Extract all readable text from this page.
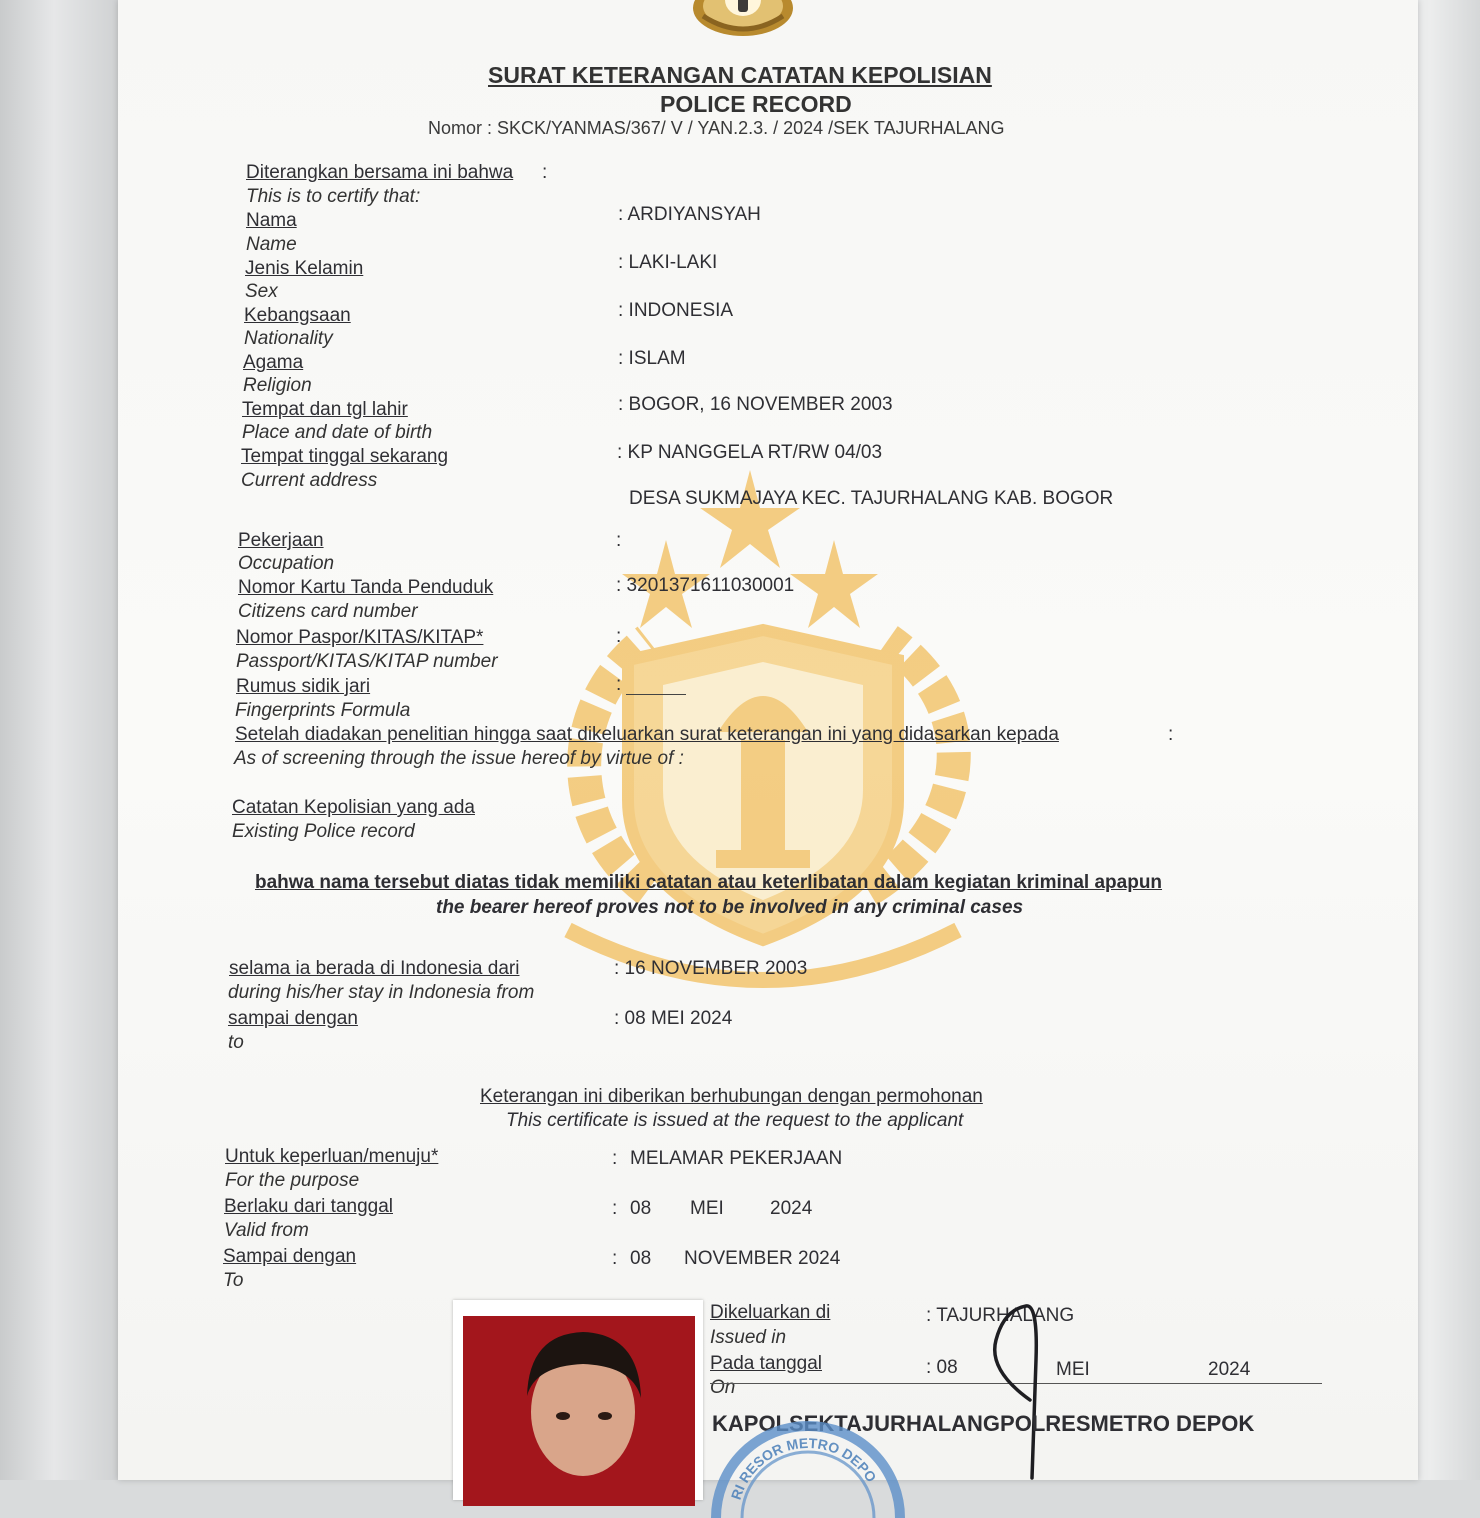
SURAT KETERANGAN CATATAN KEPOLISIAN
POLICE RECORD
Nomor : SKCK/YANMAS/367/ V / YAN.2.3. / 2024 /SEK TAJURHALANG
Diterangkan bersama ini bahwa :
This is to certify that:
Nama
Name
: ARDIYANSYAH
Jenis Kelamin
Sex
: LAKI-LAKI
Kebangsaan
Nationality
: INDONESIA
Agama
Religion
: ISLAM
Tempat dan tgl lahir
Place and date of birth
: BOGOR, 16 NOVEMBER 2003
Tempat tinggal sekarang
Current address
: KP NANGGELA RT/RW 04/03
DESA SUKMAJAYA KEC. TAJURHALANG KAB. BOGOR
Pekerjaan
Occupation
:
Nomor Kartu Tanda Penduduk
Citizens card number
: 3201371611030001
Nomor Paspor/KITAS/KITAP*
Passport/KITAS/KITAP number
:
Rumus sidik jari
Fingerprints Formula
:
Setelah diadakan penelitian hingga saat dikeluarkan surat keterangan ini yang didasarkan kepada	:
As of screening through the issue hereof by virtue of :
Catatan Kepolisian yang ada
Existing Police record
bahwa nama tersebut diatas tidak memiliki catatan atau keterlibatan dalam kegiatan kriminal apapun
the bearer hereof proves not to be involved in any criminal cases
selama ia berada di Indonesia dari
during his/her stay in Indonesia from
: 16 NOVEMBER 2003
sampai dengan
to
: 08 MEI 2024
Keterangan ini diberikan berhubungan dengan permohonan
This certificate is issued at the request to the applicant
Untuk keperluan/menuju*
For the purpose
: MELAMAR PEKERJAAN
Berlaku dari tanggal
Valid from
: 08 MEI 2024
Sampai dengan
To
: 08 NOVEMBER 2024
Dikeluarkan di
Issued in
: TAJURHALANG
Pada tanggal
On
: 08	MEI	2024
KAPOLSEKTAJURHALANGPOLRESMETRO DEPOK
RI RESOR METRO DEPO
